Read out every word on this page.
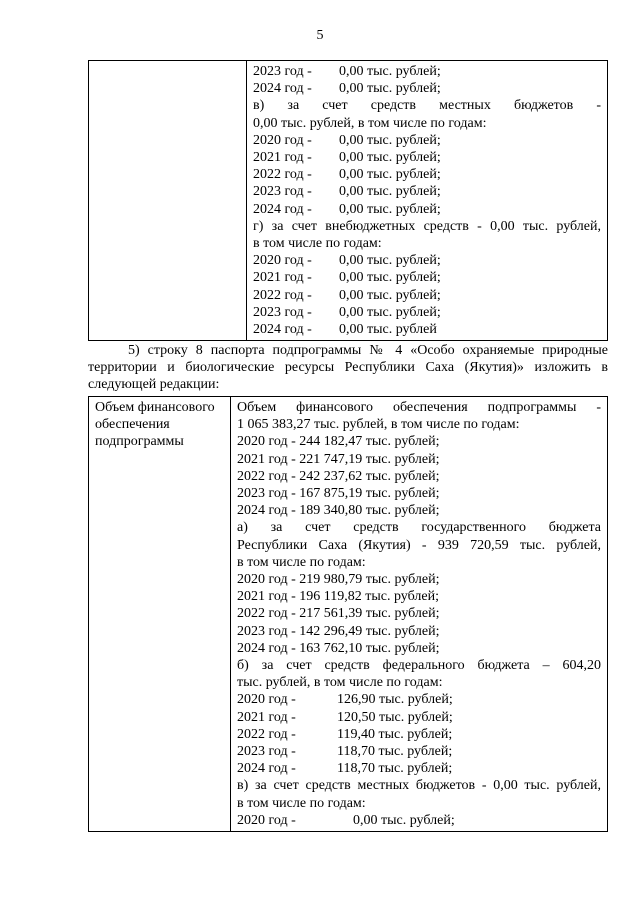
5

2023 год - 0,00 тыс. рублей;
2024 год - 0,00 тыс. рублей;
в) за счет средств местных бюджетов -
0,00 тыс. рублей, в том числе по годам:
2020 год - 0,00 тыс. рублей;
2021 год - 0,00 тыс. рублей;
2022 год - 0,00 тыс. рублей;
2023 год - 0,00 тыс. рублей;
2024 год - 0,00 тыс. рублей;
г) за счет внебюджетных средств - 0,00 тыс. рублей,
в том числе по годам:
2020 год - 0,00 тыс. рублей;
2021 год - 0,00 тыс. рублей;
2022 год - 0,00 тыс. рублей;
2023 год - 0,00 тыс. рублей;
2024 год - 0,00 тыс. рублей
5) строку 8 паспорта подпрограммы № 4 «Особо охраняемые природные
территории и биологические ресурсы Республики Саха (Якутия)» изложить в
следующей редакции:
Объем финансового обеспечения подпрограммы

Объем финансового обеспечения подпрограммы -
1 065 383,27 тыс. рублей, в том числе по годам:
2020 год - 244 182,47 тыс. рублей;
2021 год - 221 747,19 тыс. рублей;
2022 год - 242 237,62 тыс. рублей;
2023 год - 167 875,19 тыс. рублей;
2024 год - 189 340,80 тыс. рублей;
а) за счет средств государственного бюджета
Республики Саха (Якутия) - 939 720,59 тыс. рублей,
в том числе по годам:
2020 год - 219 980,79 тыс. рублей;
2021 год - 196 119,82 тыс. рублей;
2022 год - 217 561,39 тыс. рублей;
2023 год - 142 296,49 тыс. рублей;
2024 год - 163 762,10 тыс. рублей;
б) за счет средств федерального бюджета – 604,20
тыс. рублей, в том числе по годам:
2020 год -	126,90 тыс. рублей;
2021 год -	120,50 тыс. рублей;
2022 год -	119,40 тыс. рублей;
2023 год -	118,70 тыс. рублей;
2024 год -	118,70 тыс. рублей;
в) за счет средств местных бюджетов - 0,00 тыс. рублей,
в том числе по годам:
2020 год -	0,00 тыс. рублей;
